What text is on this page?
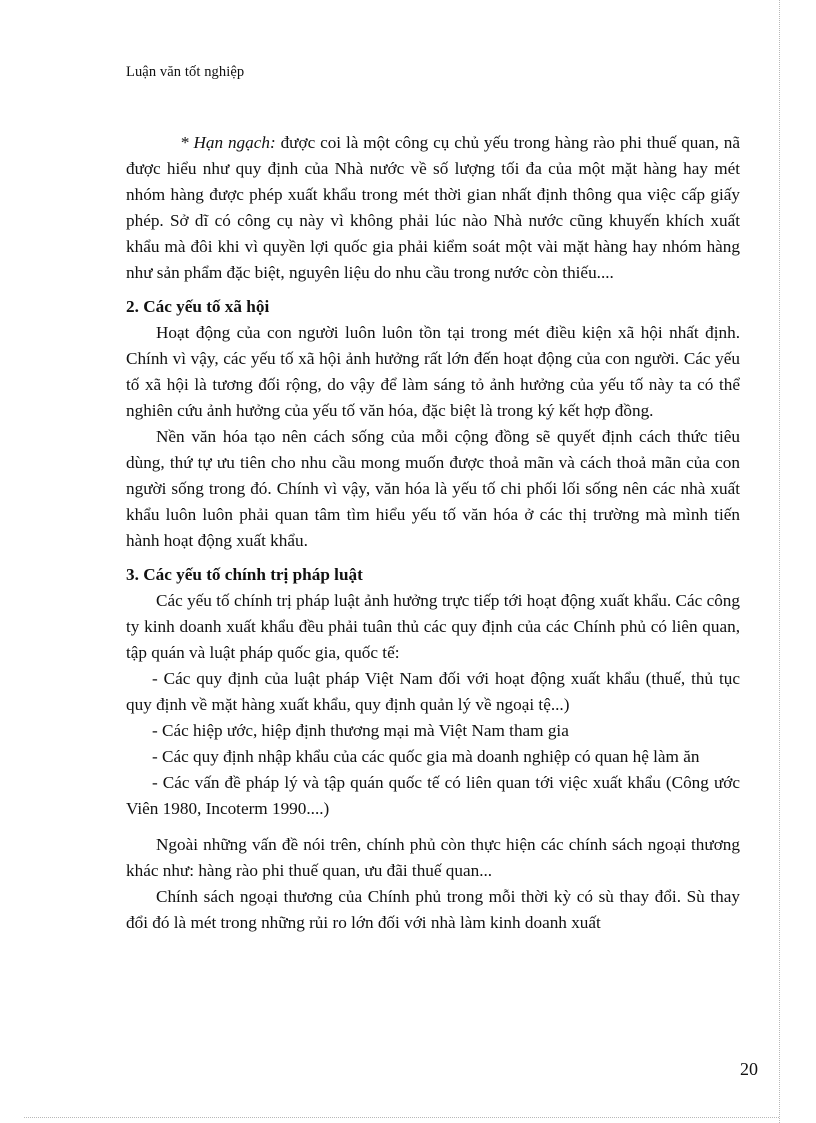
Luận văn tốt nghiệp

* Hạn ngạch: được coi là một công cụ chủ yếu trong hàng rào phi thuế quan, nã được hiểu như quy định của Nhà nước về số lượng tối đa của một mặt hàng hay mét nhóm hàng được phép xuất khẩu trong mét thời gian nhất định thông qua việc cấp giấy phép. Sở dĩ có công cụ này vì không phải lúc nào Nhà nước cũng khuyến khích xuất khẩu mà đôi khi vì quyền lợi quốc gia phải kiểm soát một vài mặt hàng hay nhóm hàng như sản phẩm đặc biệt, nguyên liệu do nhu cầu trong nước còn thiếu....

2. Các yếu tố xã hội

Hoạt động của con người luôn luôn tồn tại trong mét điều kiện xã hội nhất định. Chính vì vậy, các yếu tố xã hội ảnh hưởng rất lớn đến hoạt động của con người. Các yếu tố xã hội là tương đối rộng, do vậy để làm sáng tỏ ảnh hưởng của yếu tố này ta có thể nghiên cứu ảnh hưởng của yếu tố văn hóa, đặc biệt là trong ký kết hợp đồng.

Nền văn hóa tạo nên cách sống của mỗi cộng đồng sẽ quyết định cách thức tiêu dùng, thứ tự ưu tiên cho nhu cầu mong muốn được thoả mãn và cách thoả mãn của con người sống trong đó. Chính vì vậy, văn hóa là yếu tố chi phối lối sống nên các nhà xuất khẩu luôn luôn phải quan tâm tìm hiểu yếu tố văn hóa ở các thị trường mà mình tiến hành hoạt động xuất khẩu.

3. Các yếu tố chính trị pháp luật

Các yếu tố chính trị pháp luật ảnh hưởng trực tiếp tới hoạt động xuất khẩu. Các công ty kinh doanh xuất khẩu đều phải tuân thủ các quy định của các Chính phủ có liên quan, tập quán và luật pháp quốc gia, quốc tế:

- Các quy định của luật pháp Việt Nam đối với hoạt động xuất khẩu (thuế, thủ tục quy định về mặt hàng xuất khẩu, quy định quản lý về ngoại tệ...)

- Các hiệp ước, hiệp định thương mại mà Việt Nam tham gia

- Các quy định nhập khẩu của các quốc gia mà doanh nghiệp có quan hệ làm ăn

- Các vấn đề pháp lý và tập quán quốc tế có liên quan tới việc xuất khẩu (Công ước Viên 1980, Incoterm 1990....)

Ngoài những vấn đề nói trên, chính phủ còn thực hiện các chính sách ngoại thương khác như: hàng rào phi thuế quan, ưu đãi thuế quan...

Chính sách ngoại thương của Chính phủ trong mỗi thời kỳ có sù thay đổi. Sù thay đổi đó là mét trong những rủi ro lớn đối với nhà làm kinh doanh xuất

20
